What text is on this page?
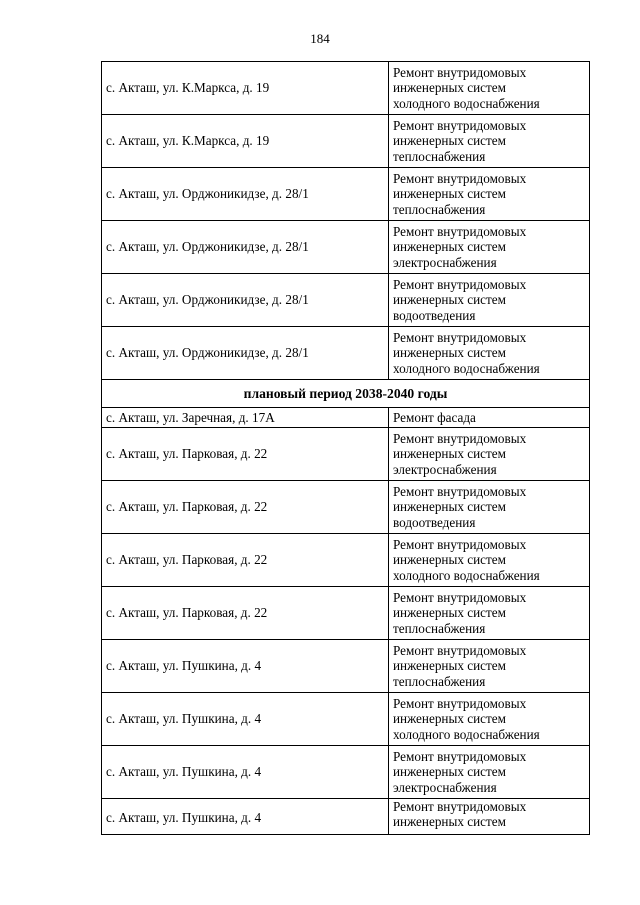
184
с. Акташ, ул. К.Маркса, д. 19	Ремонт внутридомовых
инженерных систем
холодного водоснабжения

с. Акташ, ул. К.Маркса, д. 19	Ремонт внутридомовых
инженерных систем
теплоснабжения

с. Акташ, ул. Орджоникидзе, д. 28/1	Ремонт внутридомовых
инженерных систем
теплоснабжения

с. Акташ, ул. Орджоникидзе, д. 28/1	Ремонт внутридомовых
инженерных систем
электроснабжения

с. Акташ, ул. Орджоникидзе, д. 28/1	Ремонт внутридомовых
инженерных систем
водоотведения

с. Акташ, ул. Орджоникидзе, д. 28/1	Ремонт внутридомовых
инженерных систем
холодного водоснабжения

плановый период 2038-2040 годы	
с. Акташ, ул. Заречная, д. 17А	Ремонт фасада

с. Акташ, ул. Парковая, д. 22	Ремонт внутридомовых
инженерных систем
электроснабжения

с. Акташ, ул. Парковая, д. 22	Ремонт внутридомовых
инженерных систем
водоотведения

с. Акташ, ул. Парковая, д. 22	Ремонт внутридомовых
инженерных систем
холодного водоснабжения

с. Акташ, ул. Парковая, д. 22	Ремонт внутридомовых
инженерных систем
теплоснабжения

с. Акташ, ул. Пушкина, д. 4	Ремонт внутридомовых
инженерных систем
теплоснабжения

с. Акташ, ул. Пушкина, д. 4	Ремонт внутридомовых
инженерных систем
холодного водоснабжения

с. Акташ, ул. Пушкина, д. 4	Ремонт внутридомовых
инженерных систем
электроснабжения

с. Акташ, ул. Пушкина, д. 4	Ремонт внутридомовых
инженерных систем
